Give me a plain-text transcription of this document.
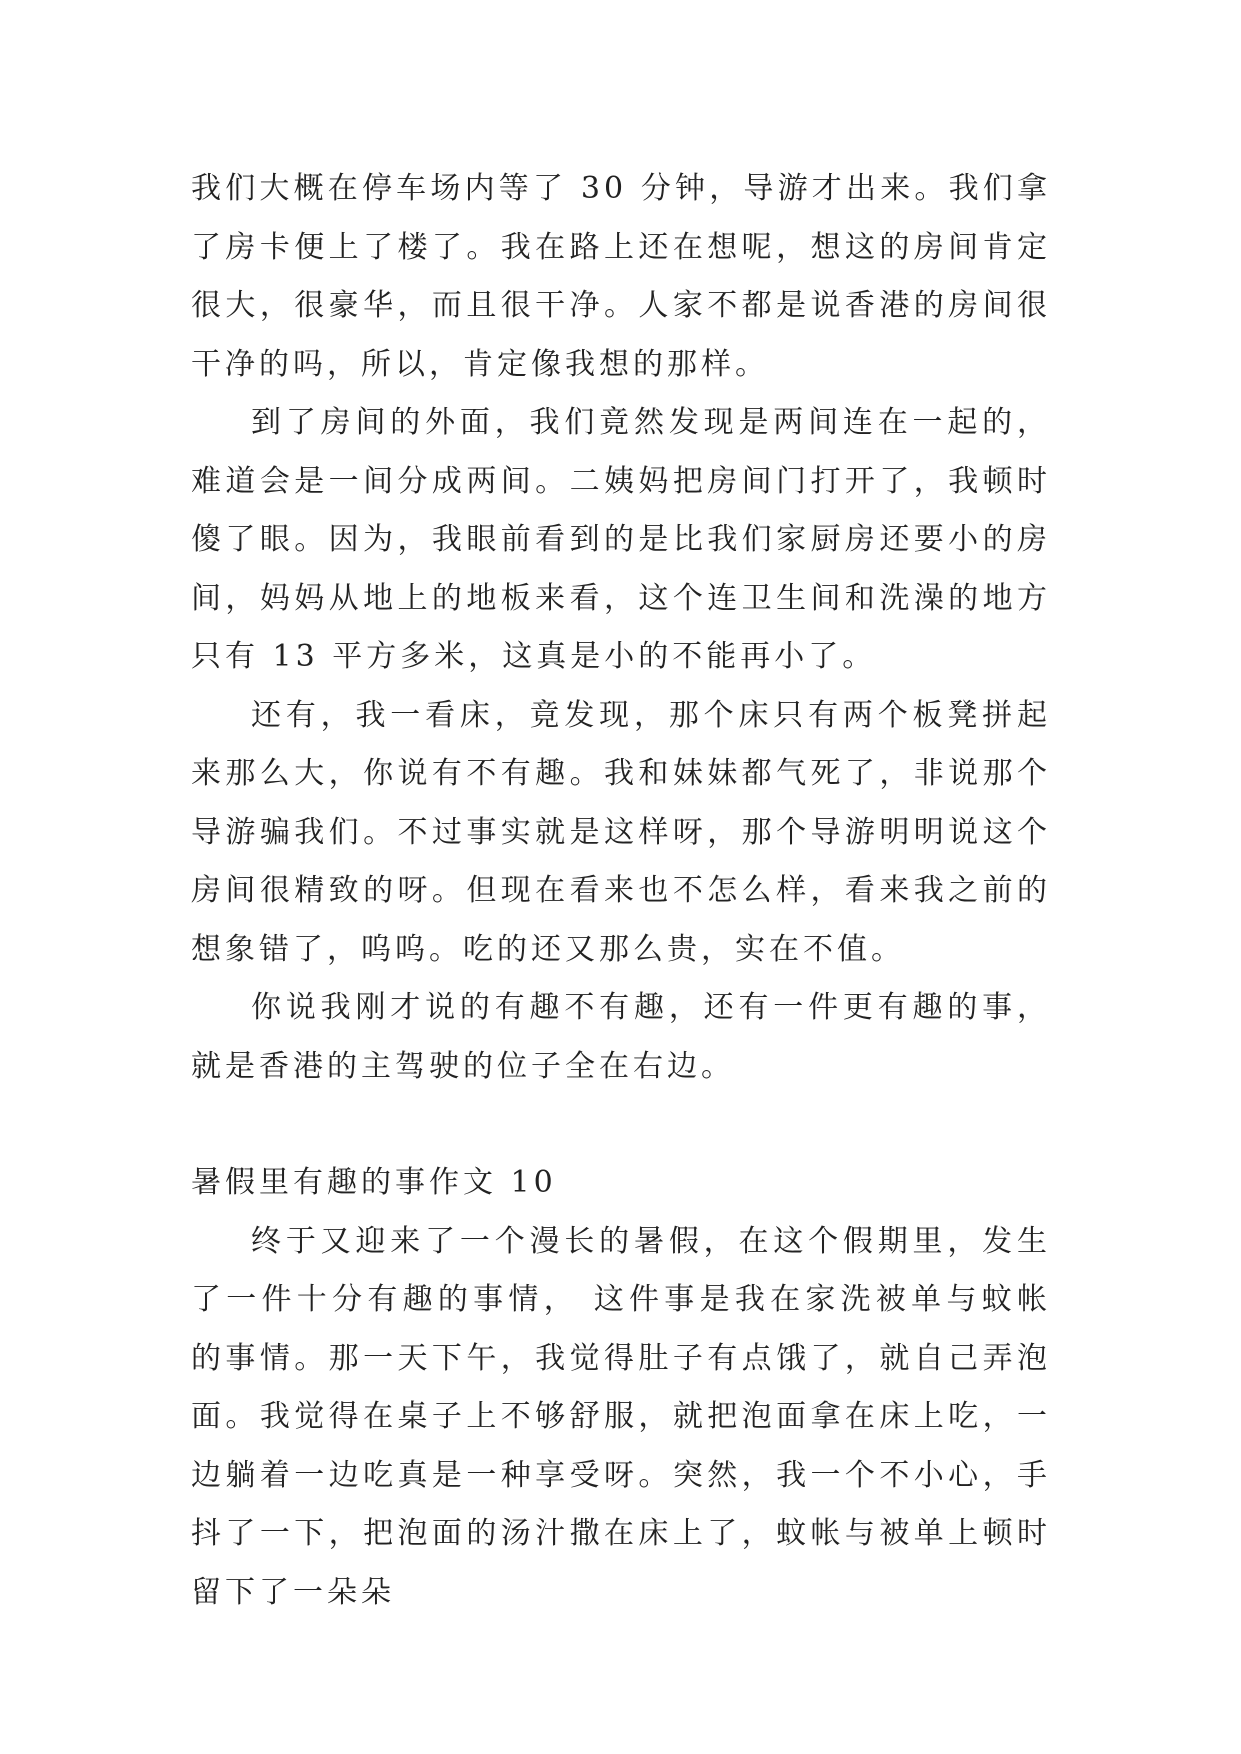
我们大概在停车场内等了 30 分钟，导游才出来。我们拿了房卡便上了楼了。我在路上还在想呢，想这的房间肯定很大，很豪华，而且很干净。人家不都是说香港的房间很干净的吗，所以，肯定像我想的那样。

到了房间的外面，我们竟然发现是两间连在一起的，难道会是一间分成两间。二姨妈把房间门打开了，我顿时傻了眼。因为，我眼前看到的是比我们家厨房还要小的房间，妈妈从地上的地板来看，这个连卫生间和洗澡的地方只有 13 平方多米，这真是小的不能再小了。

还有，我一看床，竟发现，那个床只有两个板凳拼起来那么大，你说有不有趣。我和妹妹都气死了，非说那个导游骗我们。不过事实就是这样呀，那个导游明明说这个房间很精致的呀。但现在看来也不怎么样，看来我之前的想象错了，呜呜。吃的还又那么贵，实在不值。

你说我刚才说的有趣不有趣，还有一件更有趣的事，就是香港的主驾驶的位子全在右边。

暑假里有趣的事作文 10

终于又迎来了一个漫长的暑假，在这个假期里，发生了一件十分有趣的事情， 这件事是我在家洗被单与蚊帐的事情。那一天下午，我觉得肚子有点饿了，就自己弄泡面。我觉得在桌子上不够舒服，就把泡面拿在床上吃，一边躺着一边吃真是一种享受呀。突然，我一个不小心，手抖了一下，把泡面的汤汁撒在床上了，蚊帐与被单上顿时留下了一朵朵
